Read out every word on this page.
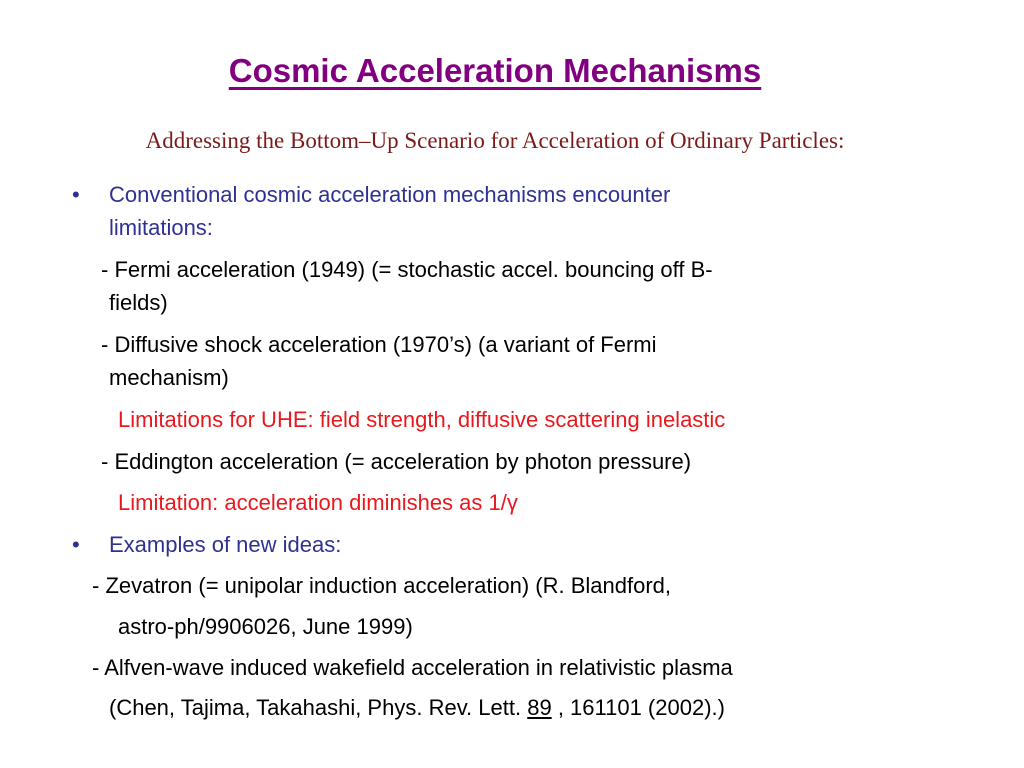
Cosmic Acceleration Mechanisms

Addressing the Bottom–Up Scenario for Acceleration of Ordinary Particles:

• Conventional cosmic acceleration mechanisms encounter

limitations:

- Fermi acceleration (1949) (= stochastic accel. bouncing off B-

fields)

- Diffusive shock acceleration (1970’s) (a variant of Fermi

mechanism)

Limitations for UHE: field strength, diffusive scattering inelastic

- Eddington acceleration (= acceleration by photon pressure)

Limitation: acceleration diminishes as 1/γ

• Examples of new ideas:

- Zevatron (= unipolar induction acceleration) (R. Blandford,

astro-ph/9906026, June 1999)

- Alfven-wave induced wakefield acceleration in relativistic plasma

(Chen, Tajima, Takahashi, Phys. Rev. Lett. 89 , 161101 (2002).)
